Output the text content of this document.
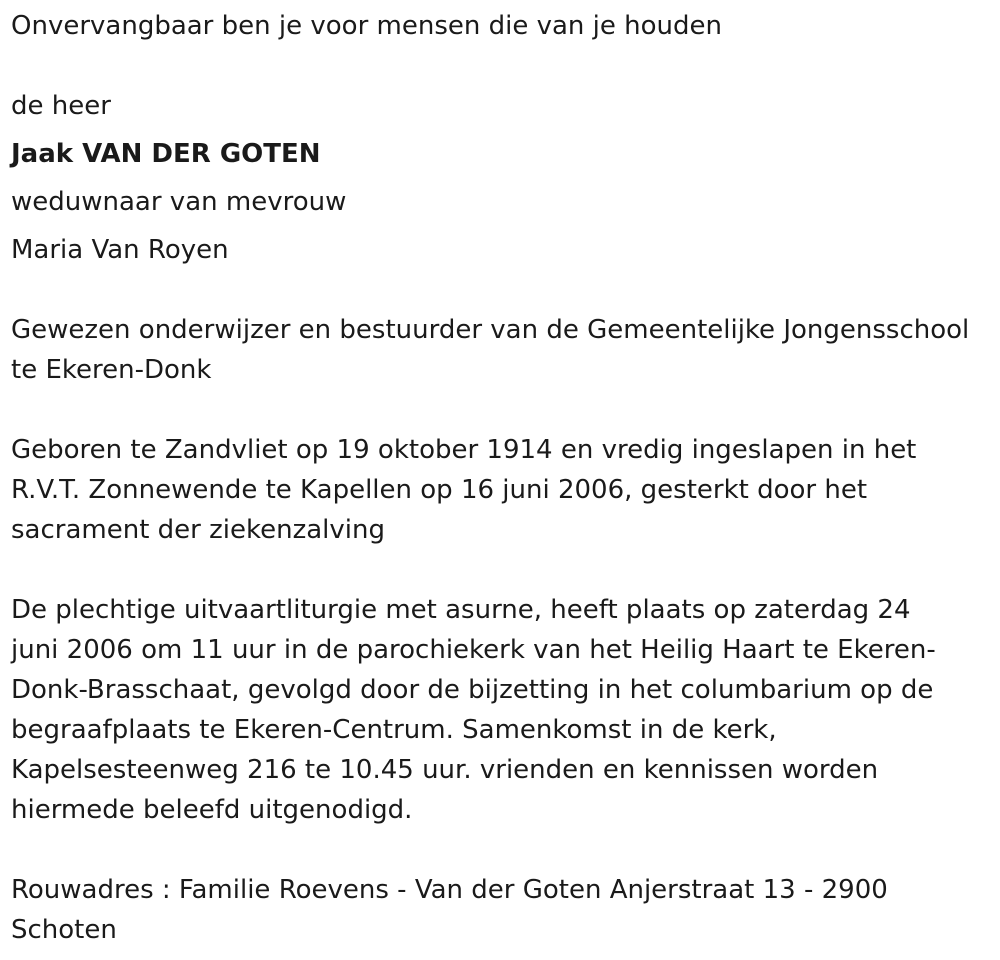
Onvervangbaar ben je voor mensen die van je houden
de heer
Jaak VAN DER GOTEN
weduwnaar van mevrouw
Maria Van Royen
Gewezen onderwijzer en bestuurder van de Gemeentelijke Jongensschool
te Ekeren-Donk
Geboren te Zandvliet op 19 oktober 1914 en vredig ingeslapen in het
R.V.T. Zonnewende te Kapellen op 16 juni 2006, gesterkt door het
sacrament der ziekenzalving
De plechtige uitvaartliturgie met asurne, heeft plaats op zaterdag 24
juni 2006 om 11 uur in de parochiekerk van het Heilig Haart te Ekeren-
Donk-Brasschaat, gevolgd door de bijzetting in het columbarium op de
begraafplaats te Ekeren-Centrum. Samenkomst in de kerk,
Kapelsesteenweg 216 te 10.45 uur. vrienden en kennissen worden
hiermede beleefd uitgenodigd.
Rouwadres : Familie Roevens - Van der Goten Anjerstraat 13 - 2900
Schoten
